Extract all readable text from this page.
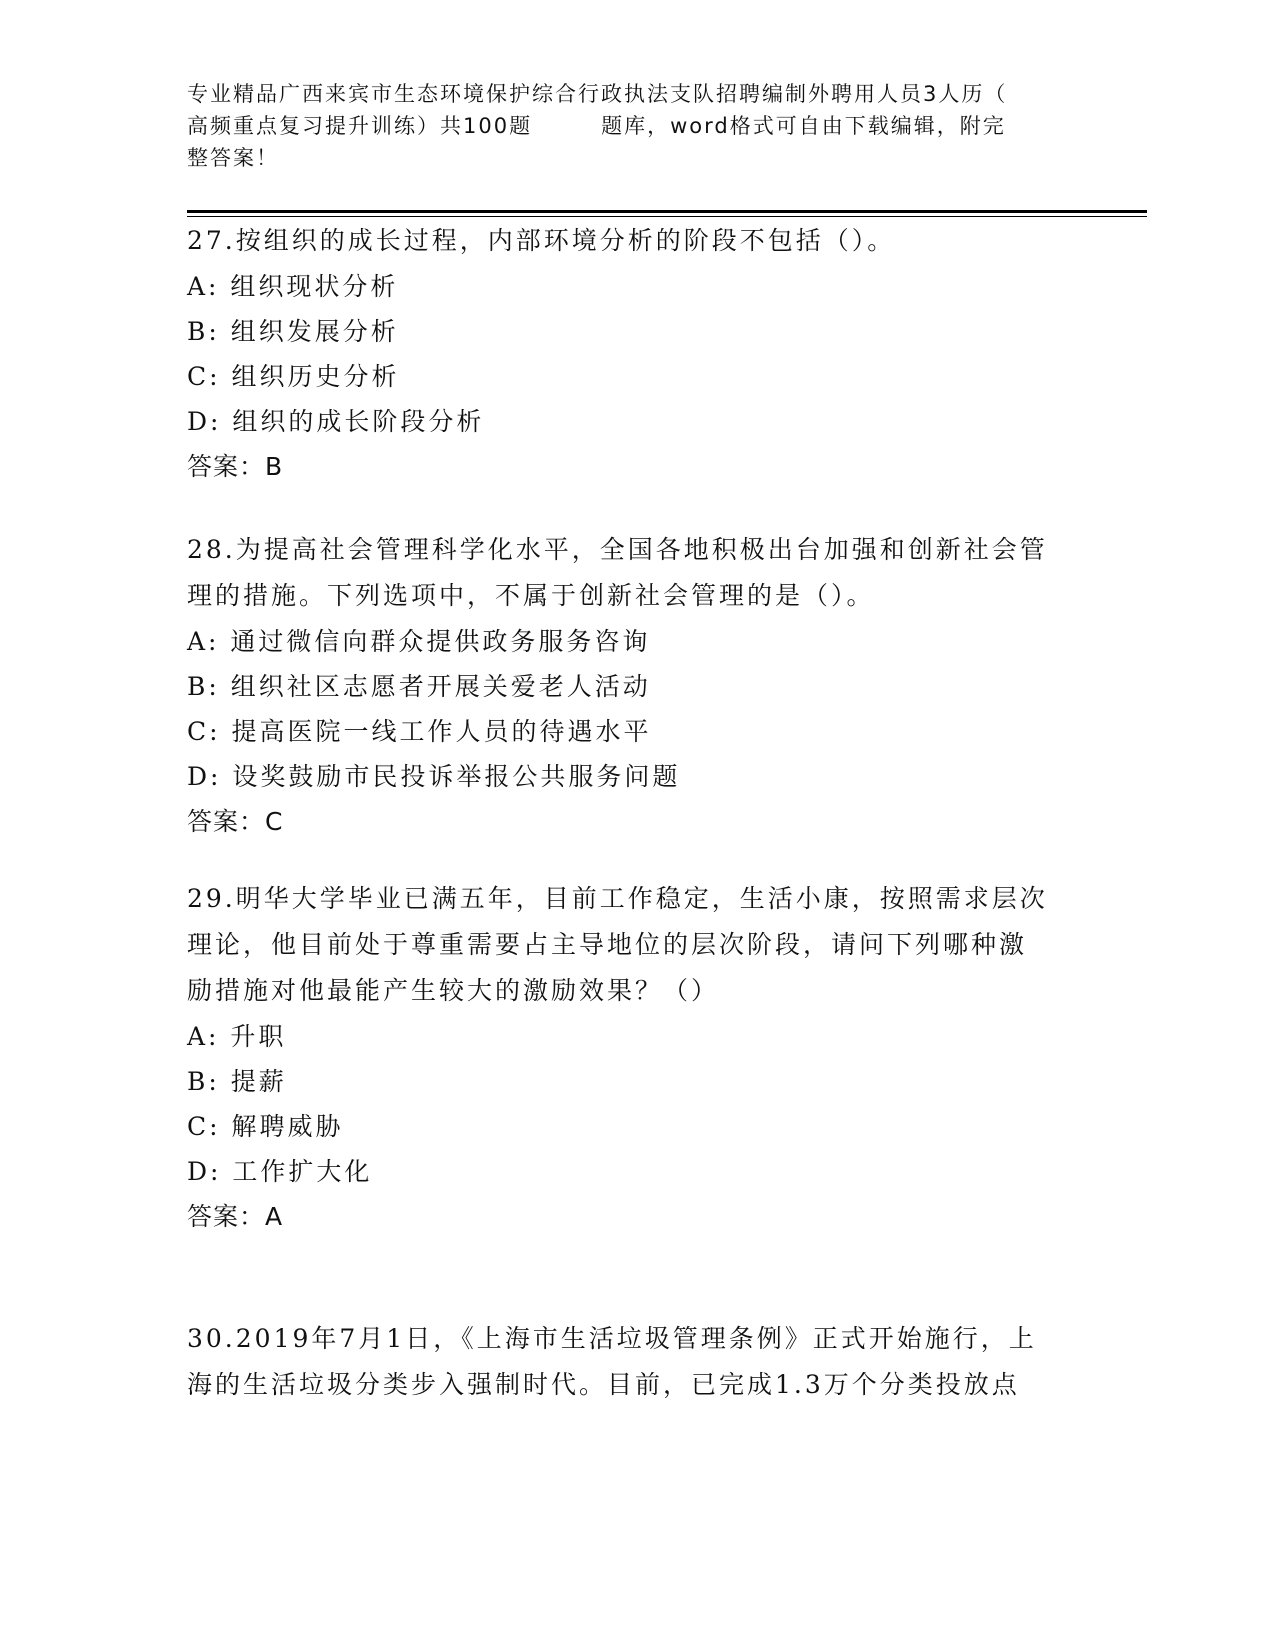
专业精品广西来宾市生态环境保护综合行政执法支队招聘编制外聘用人员3人历（
高频重点复习提升训练）共100题　　　题库，word格式可自由下载编辑，附完
整答案！

27.按组织的成长过程，内部环境分析的阶段不包括（）。

A: 组织现状分析

B: 组织发展分析

C: 组织历史分析

D: 组织的成长阶段分析

答案：B

28.为提高社会管理科学化水平，全国各地积极出台加强和创新社会管

理的措施。下列选项中，不属于创新社会管理的是（）。

A: 通过微信向群众提供政务服务咨询

B: 组织社区志愿者开展关爱老人活动

C: 提高医院一线工作人员的待遇水平

D: 设奖鼓励市民投诉举报公共服务问题

答案：C

29.明华大学毕业已满五年，目前工作稳定，生活小康，按照需求层次

理论，他目前处于尊重需要占主导地位的层次阶段，请问下列哪种激

励措施对他最能产生较大的激励效果？（）

A: 升职

B: 提薪

C: 解聘威胁

D: 工作扩大化

答案：A

30.2019年7月1日，《上海市生活垃圾管理条例》正式开始施行，上

海的生活垃圾分类步入强制时代。目前，已完成1.3万个分类投放点
